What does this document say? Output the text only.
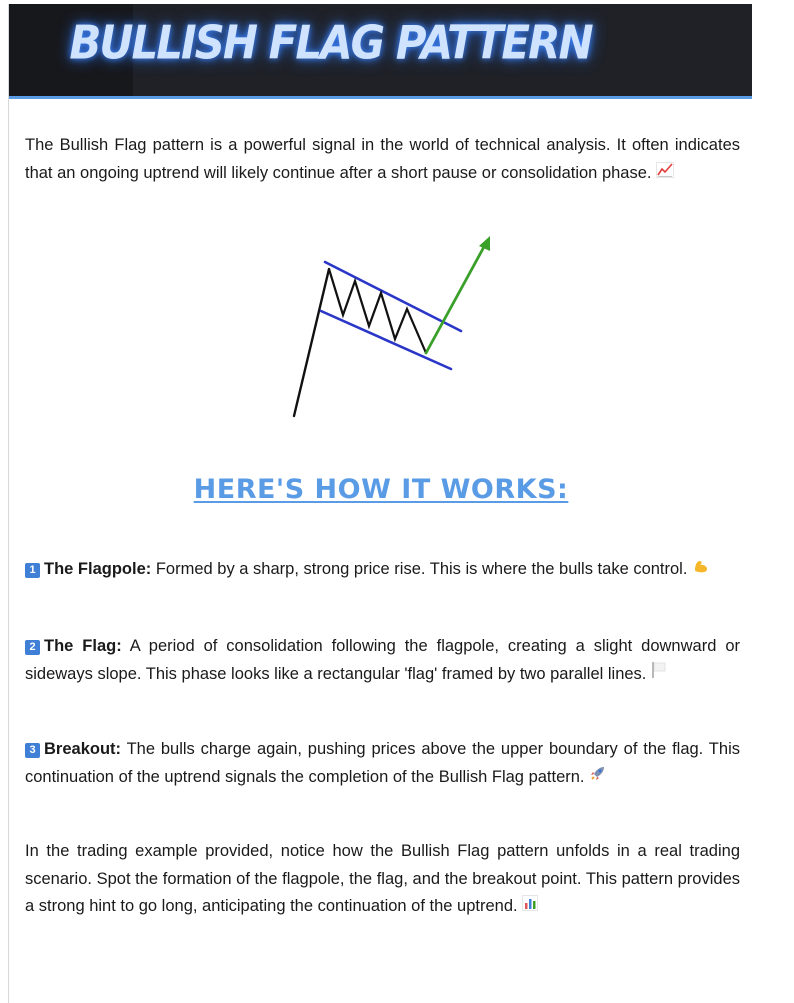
BULLISH FLAG PATTERN

The Bullish Flag pattern is a powerful signal in the world of technical analysis. It often indicates that an ongoing uptrend will likely continue after a short pause or consolidation phase.

HERE'S HOW IT WORKS:

1 The Flagpole: Formed by a sharp, strong price rise. This is where the bulls take control.

2 The Flag: A period of consolidation following the flagpole, creating a slight downward or sideways slope. This phase looks like a rectangular 'flag' framed by two parallel lines.

3 Breakout: The bulls charge again, pushing prices above the upper boundary of the flag. This continuation of the uptrend signals the completion of the Bullish Flag pattern.

In the trading example provided, notice how the Bullish Flag pattern unfolds in a real trading scenario. Spot the formation of the flagpole, the flag, and the breakout point. This pattern provides a strong hint to go long, anticipating the continuation of the uptrend.
